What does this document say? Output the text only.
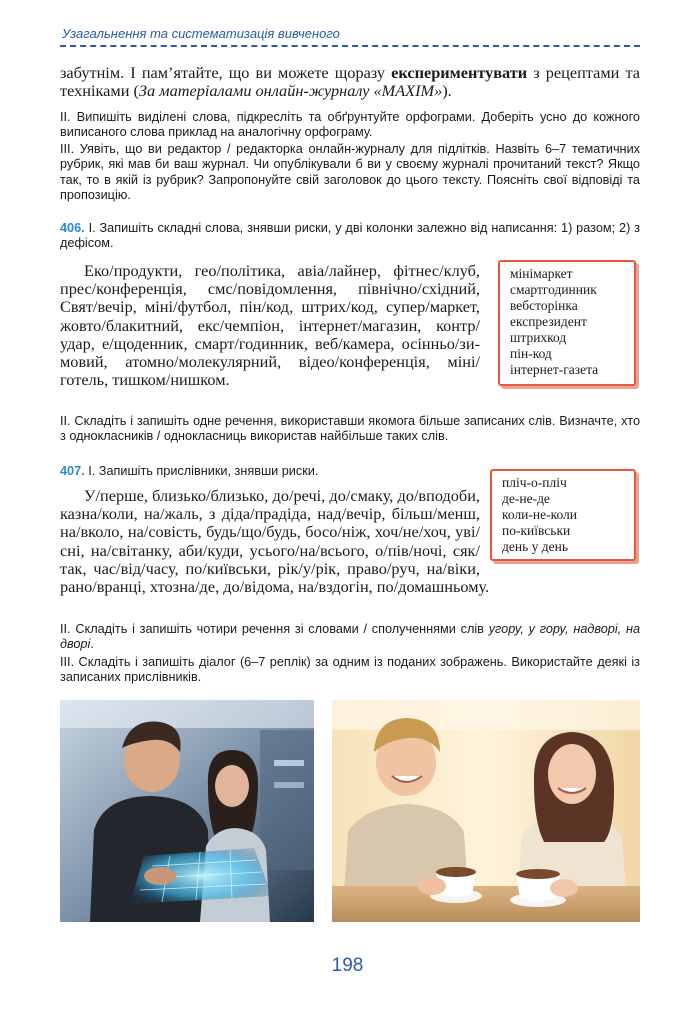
Узагальнення та систематизація вивченого
забутнім. І пам’ятайте, що ви можете щоразу експериментувати з рецептами та техніками (За матеріалами онлайн-журналу «МАХІМ»).
ІІ. Випишіть виділені слова, підкресліть та обґрунтуйте орфограми. Доберіть усно до кожного виписаного слова приклад на аналогічну орфограму.
ІІІ. Уявіть, що ви редактор / редакторка онлайн-журналу для підлітків. Назвіть 6–7 тематичних рубрик, які мав би ваш журнал. Чи опублікували б ви у своєму журналі прочитаний текст? Якщо так, то в якій із рубрик? Запропонуйте свій заголовок до цього тексту. Поясніть свої відповіді та пропозицію.
406. І. Запишіть складні слова, знявши риски, у дві колонки залежно від написання: 1) разом; 2) з дефісом.
Еко/продукти, гео/політика, авіа/лайнер, фітнес/клуб, прес/конференція, смс/повідомлення, північно/східний, Свят/вечір, міні/футбол, пін/код, штрих/код, супер/маркет, жовто/блакитний, екс/чемпіон, інтернет/магазин, контр/удар, е/щоденник, смарт/годинник, веб/камера, осінньо/зимовий, атомно/молекулярний, відео/конференція, міні/готель, тишком/нишком.
мінімаркет
смартгодинник
вебсторінка
експрезидент
штрихкод
пін-код
інтернет-газета
ІІ. Складіть і запишіть одне речення, використавши якомога більше записаних слів. Визначте, хто з однокласників / однокласниць використав найбільше таких слів.
407. І. Запишіть прислівники, знявши риски.
У/перше, близько/близько, до/речі, до/смаку, до/вподоби, казна/коли, на/жаль, з діда/прадіда, над/вечір, більш/менш, на/вколо, на/совість, будь/що/будь, босо/ніж, хоч/не/хоч, уві/сні, на/світанку, аби/куди, усього/на/всього, о/пів/ночі, сяк/так, час/від/часу, по/київськи, рік/у/рік, право/руч, на/віки, рано/вранці, хтозна/де, до/відома, на/вздогін, по/домашньому.
пліч-о-пліч
де-не-де
коли-не-коли
по-київськи
день у день
ІІ. Складіть і запишіть чотири речення зі словами / сполученнями слів угору, у гору, надворі, на дворі.
ІІІ. Складіть і запишіть діалог (6–7 реплік) за одним із поданих зображень. Використайте деякі із записаних прислівників.
198
